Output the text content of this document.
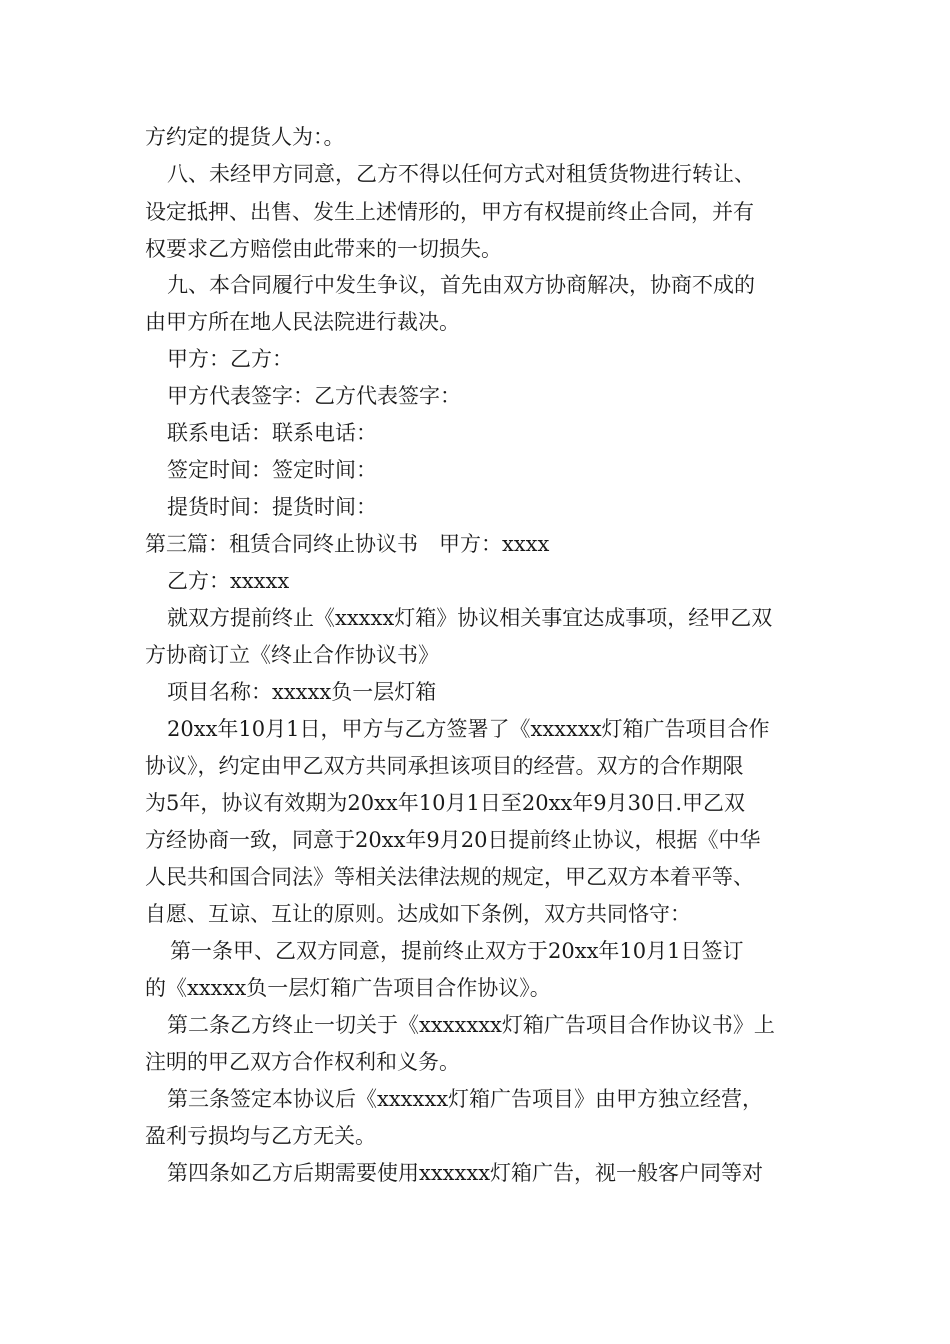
方约定的提货人为：。
八、未经甲方同意，乙方不得以任何方式对租赁货物进行转让、
设定抵押、出售、发生上述情形的，甲方有权提前终止合同，并有
权要求乙方赔偿由此带来的一切损失。
九、本合同履行中发生争议，首先由双方协商解决，协商不成的
由甲方所在地人民法院进行裁决。
甲方：乙方：
甲方代表签字：乙方代表签字：
联系电话：联系电话：
签定时间：签定时间：
提货时间：提货时间：
第三篇：租赁合同终止协议书　甲方：xxxx
乙方：xxxxx
就双方提前终止《xxxxx灯箱》协议相关事宜达成事项，经甲乙双
方协商订立《终止合作协议书》
项目名称：xxxxx负一层灯箱
20xx年10月1日，甲方与乙方签署了《xxxxxx灯箱广告项目合作
协议》，约定由甲乙双方共同承担该项目的经营。双方的合作期限
为5年，协议有效期为20xx年10月1日至20xx年9月30日.甲乙双
方经协商一致，同意于20xx年9月20日提前终止协议，根据《中华
人民共和国合同法》等相关法律法规的规定，甲乙双方本着平等、
自愿、互谅、互让的原则。达成如下条例，双方共同恪守：
第一条甲、乙双方同意，提前终止双方于20xx年10月1日签订
的《xxxxx负一层灯箱广告项目合作协议》。
第二条乙方终止一切关于《xxxxxxx灯箱广告项目合作协议书》上
注明的甲乙双方合作权利和义务。
第三条签定本协议后《xxxxxx灯箱广告项目》由甲方独立经营，
盈利亏损均与乙方无关。
第四条如乙方后期需要使用xxxxxx灯箱广告，视一般客户同等对
